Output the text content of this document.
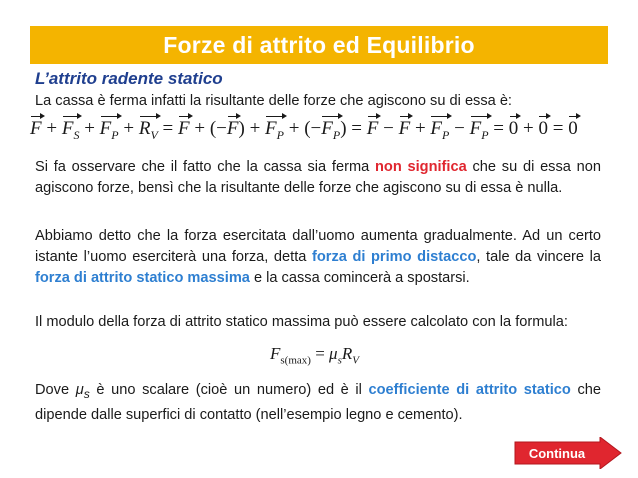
Forze di attrito ed Equilibrio
L’attrito radente statico
La cassa è ferma infatti la risultante delle forze che agiscono su di essa è:
$F + F_S + F_P + R_V = F + (-F) + F_P + (-F_P) = F - F + F_P - F_P = 0 + 0 = 0$
Si fa osservare che il fatto che la cassa sia ferma non significa che su di essa non agiscono forze, bensì che la risultante delle forze che agiscono su di essa è nulla.
Abbiamo detto che la forza esercitata dall’uomo aumenta gradualmente. Ad un certo istante l’uomo eserciterà una forza, detta forza di primo distacco, tale da vincere la forza di attrito statico massima e la cassa comincerà a spostarsi.
Il modulo della forza di attrito statico massima può essere calcolato con la formula:
$F_{s(max)} = \mu_sR_V$
Dove $\mu_s$ è uno scalare (cioè un numero) ed è il coefficiente di attrito statico che dipende dalle superfici di contatto (nell’esempio legno e cemento).
Continua
